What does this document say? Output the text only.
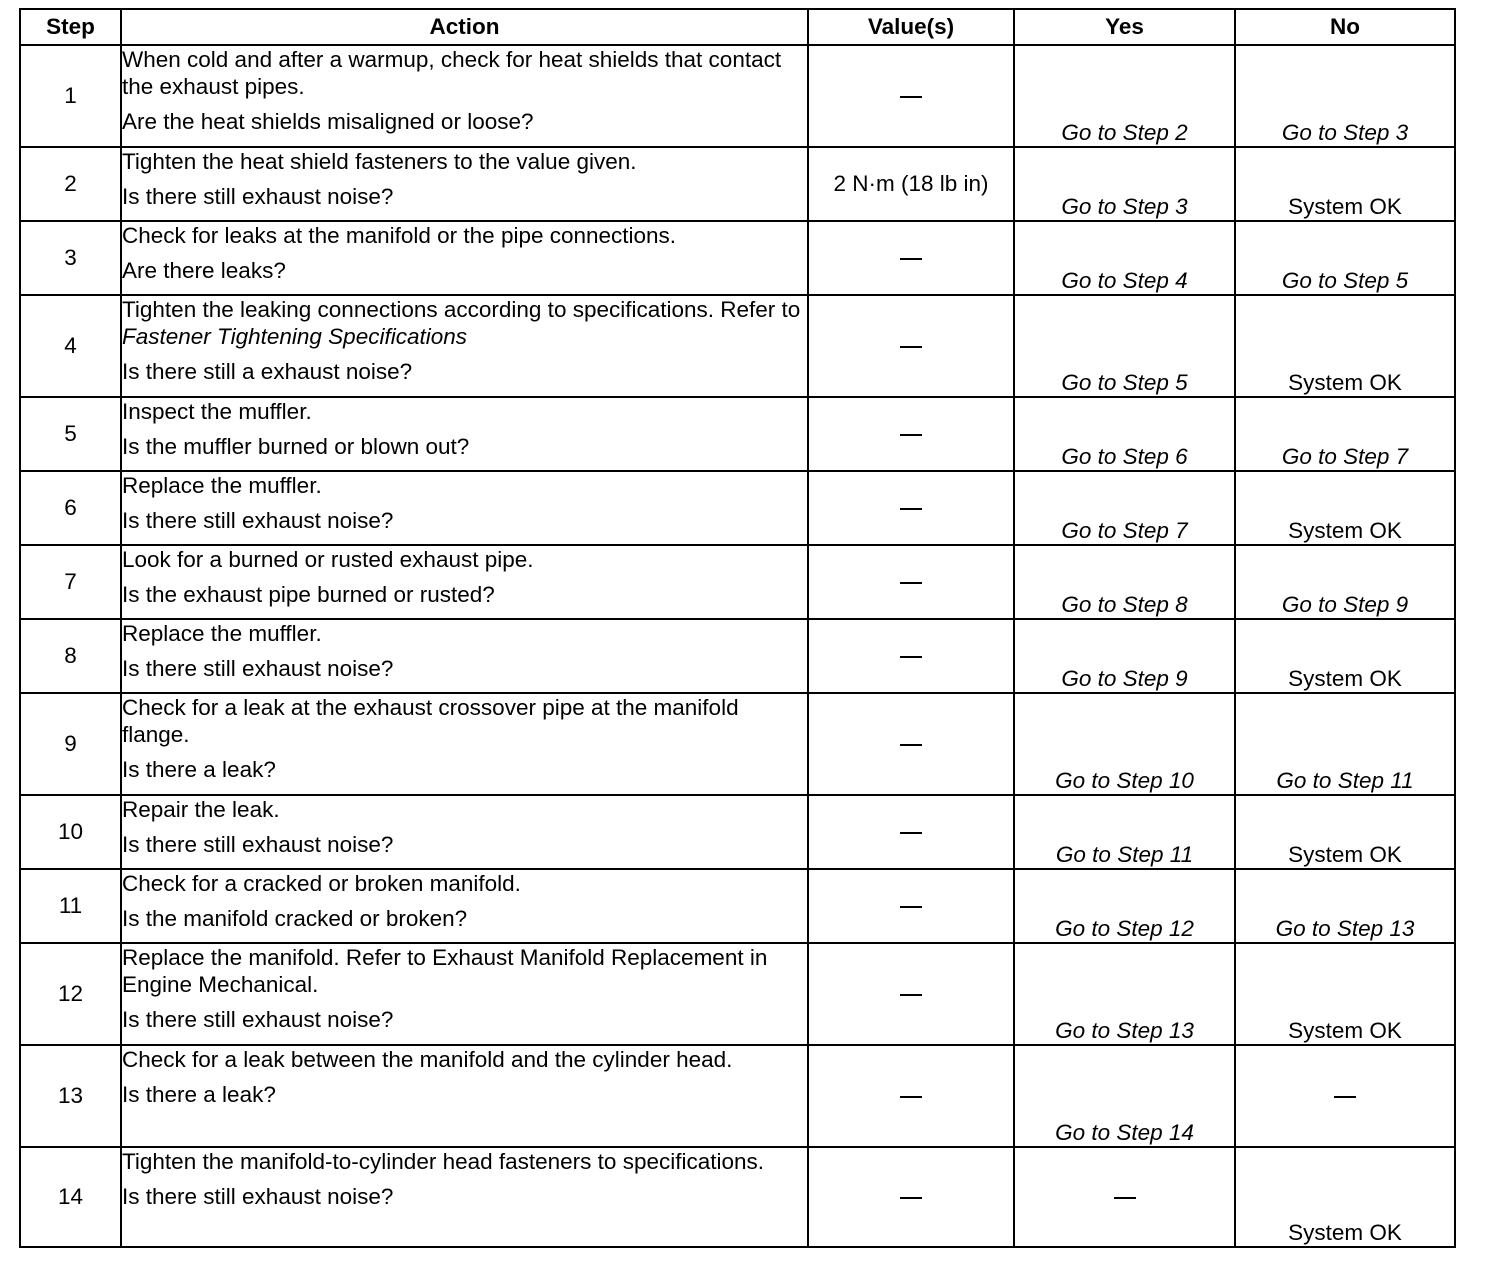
Step	Action	Value(s)	Yes	No
1	When cold and after a warmup, check for heat shields that contact the exhaust pipes.
Are the heat shields misaligned or loose?		Go to Step 2	Go to Step 3
2	Tighten the heat shield fasteners to the value given.
Is there still exhaust noise?	2 N·m (18 lb in)	Go to Step 3	System OK
3	Check for leaks at the manifold or the pipe connections.
Are there leaks?		Go to Step 4	Go to Step 5
4	Tighten the leaking connections according to specifications. Refer to Fastener Tightening Specifications
Is there still a exhaust noise?		Go to Step 5	System OK
5	Inspect the muffler.
Is the muffler burned or blown out?		Go to Step 6	Go to Step 7
6	Replace the muffler.
Is there still exhaust noise?		Go to Step 7	System OK
7	Look for a burned or rusted exhaust pipe.
Is the exhaust pipe burned or rusted?		Go to Step 8	Go to Step 9
8	Replace the muffler.
Is there still exhaust noise?		Go to Step 9	System OK
9	Check for a leak at the exhaust crossover pipe at the manifold flange.
Is there a leak?		Go to Step 10	Go to Step 11
10	Repair the leak.
Is there still exhaust noise?		Go to Step 11	System OK
11	Check for a cracked or broken manifold.
Is the manifold cracked or broken?		Go to Step 12	Go to Step 13
12	Replace the manifold. Refer to Exhaust Manifold Replacement in Engine Mechanical.
Is there still exhaust noise?		Go to Step 13	System OK
13	Check for a leak between the manifold and the cylinder head.
Is there a leak?		Go to Step 14	
14	Tighten the manifold-to-cylinder head fasteners to specifications.
Is there still exhaust noise?			System OK
